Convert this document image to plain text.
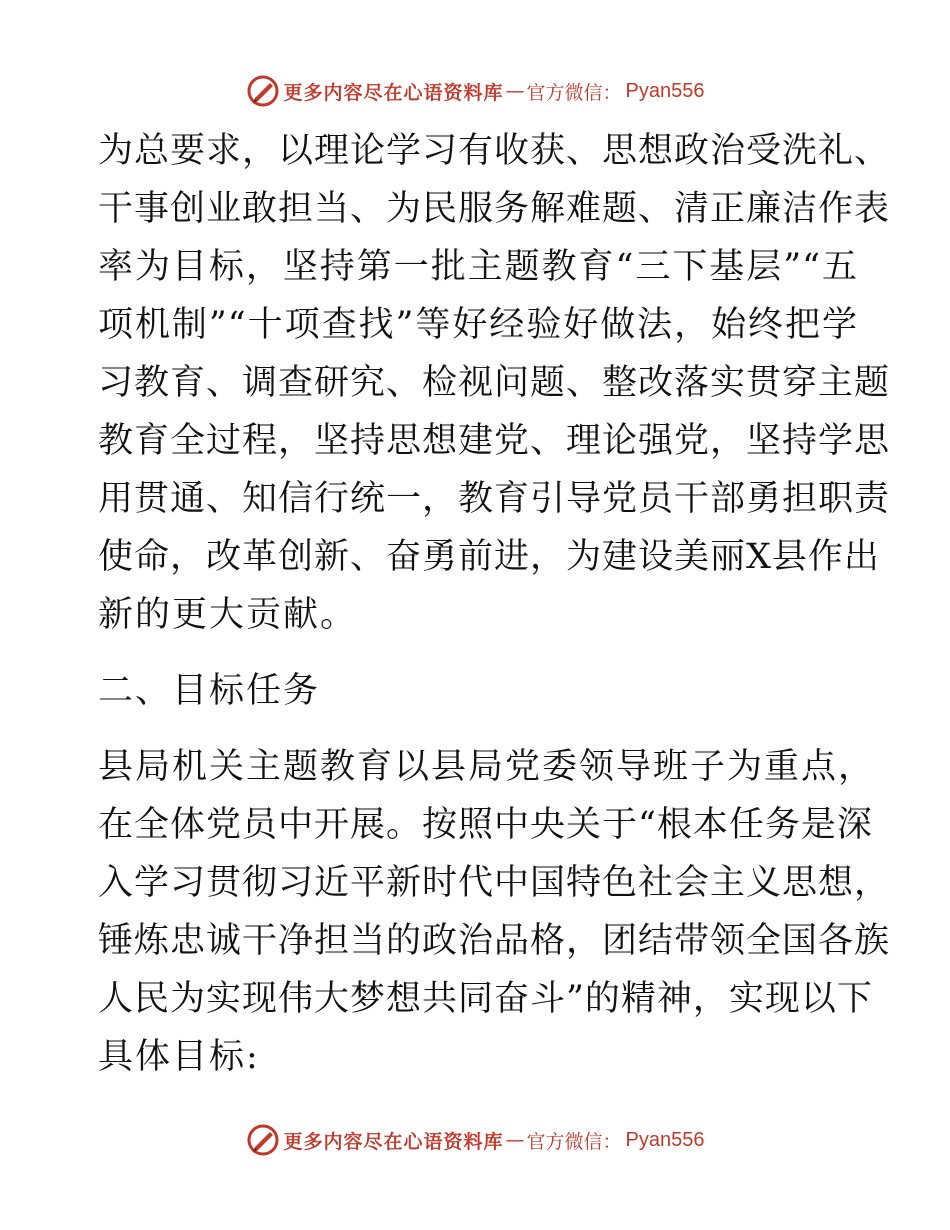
更多内容尽在心语资料库 — 官方微信： Pyan556
为总要求，以理论学习有收获、思想政治受洗礼、
干事创业敢担当、为民服务解难题、清正廉洁作表
率为目标，坚持第一批主题教育“三下基层”“五
项机制”“十项查找”等好经验好做法，始终把学
习教育、调查研究、检视问题、整改落实贯穿主题
教育全过程，坚持思想建党、理论强党，坚持学思
用贯通、知信行统一，教育引导党员干部勇担职责
使命，改革创新、奋勇前进，为建设美丽X县作出
新的更大贡献。
二、目标任务
县局机关主题教育以县局党委领导班子为重点，
在全体党员中开展。按照中央关于“根本任务是深
入学习贯彻习近平新时代中国特色社会主义思想，
锤炼忠诚干净担当的政治品格，团结带领全国各族
人民为实现伟大梦想共同奋斗”的精神，实现以下
具体目标:
更多内容尽在心语资料库 — 官方微信： Pyan556
